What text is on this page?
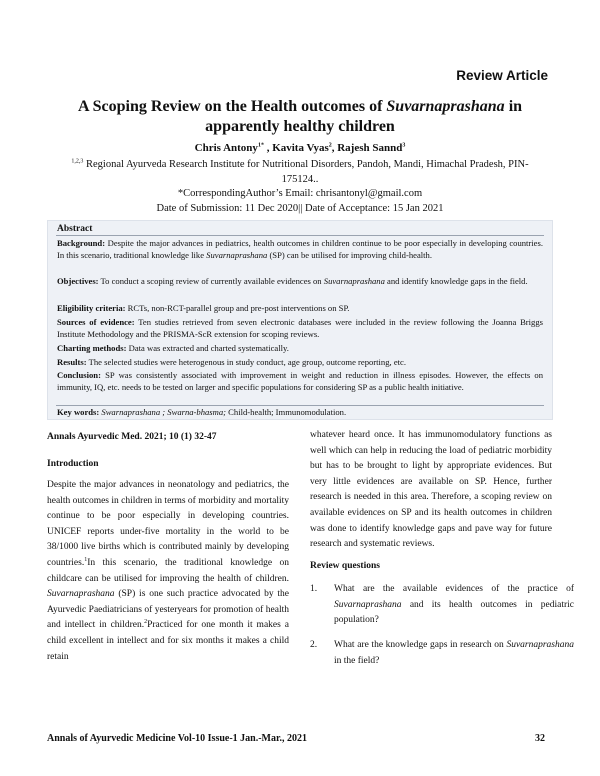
Review Article
A Scoping Review on the Health outcomes of Suvarnaprashana in apparently healthy children
Chris Antony$^{1*}$ , Kavita Vyas$^2$, Rajesh Sannd$^3$
$^{1,2,3}$ Regional Ayurveda Research Institute for Nutritional Disorders, Pandoh, Mandi, Himachal Pradesh, PIN-175124..
*CorrespondingAuthor’s Email: chrisantonyl@gmail.com
Date of Submission: 11 Dec 2020|| Date of Acceptance: 15 Jan 2021
Abstract
Background: Despite the major advances in pediatrics, health outcomes in children continue to be poor especially in developing countries. In this scenario, traditional knowledge like Suvarnaprashana (SP) can be utilised for improving child-health.
Objectives: To conduct a scoping review of currently available evidences on Suvarnaprashana and identify knowledge gaps in the field.
Eligibility criteria: RCTs, non-RCT-parallel group and pre-post interventions on SP.
Sources of evidence: Ten studies retrieved from seven electronic databases were included in the review following the Joanna Briggs Institute Methodology and the PRISMA-ScR extension for scoping reviews.
Charting methods: Data was extracted and charted systematically.
Results: The selected studies were heterogenous in study conduct, age group, outcome reporting, etc.
Conclusion: SP was consistently associated with improvement in weight and reduction in illness episodes. However, the effects on immunity, IQ, etc. needs to be tested on larger and specific populations for considering SP as a public health initiative.
Key words: Swarnaprashana ; Swarna-bhasma; Child-health; Immunomodulation.
Annals Ayurvedic Med. 2021; 10 (1) 32-47
Introduction
Despite the major advances in neonatology and pediatrics, the health outcomes in children in terms of morbidity and mortality continue to be poor especially in developing countries. UNICEF reports under-five mortality in the world to be 38/1000 live births which is contributed mainly by developing countries.$^1$In this scenario, the traditional knowledge on childcare can be utilised for improving the health of children. Suvarnaprashana (SP) is one such practice advocated by the Ayurvedic Paediatricians of yesteryears for promotion of health and intellect in children.$^2$Practiced for one month it makes a child excellent in intellect and for six months it makes a child retain
whatever heard once. It has immunomodulatory functions as well which can help in reducing the load of pediatric morbidity but has to be brought to light by appropriate evidences. But very little evidences are available on SP. Hence, further research is needed in this area. Therefore, a scoping review on available evidences on SP and its health outcomes in children was done to identify knowledge gaps and pave way for future research and systematic reviews.
Review questions
1. What are the available evidences of the practice of Suvarnaprashana and its health outcomes in pediatric population?
2. What are the knowledge gaps in research on Suvarnaprashana in the field?
Annals of Ayurvedic Medicine Vol-10 Issue-1 Jan.-Mar., 2021	32
